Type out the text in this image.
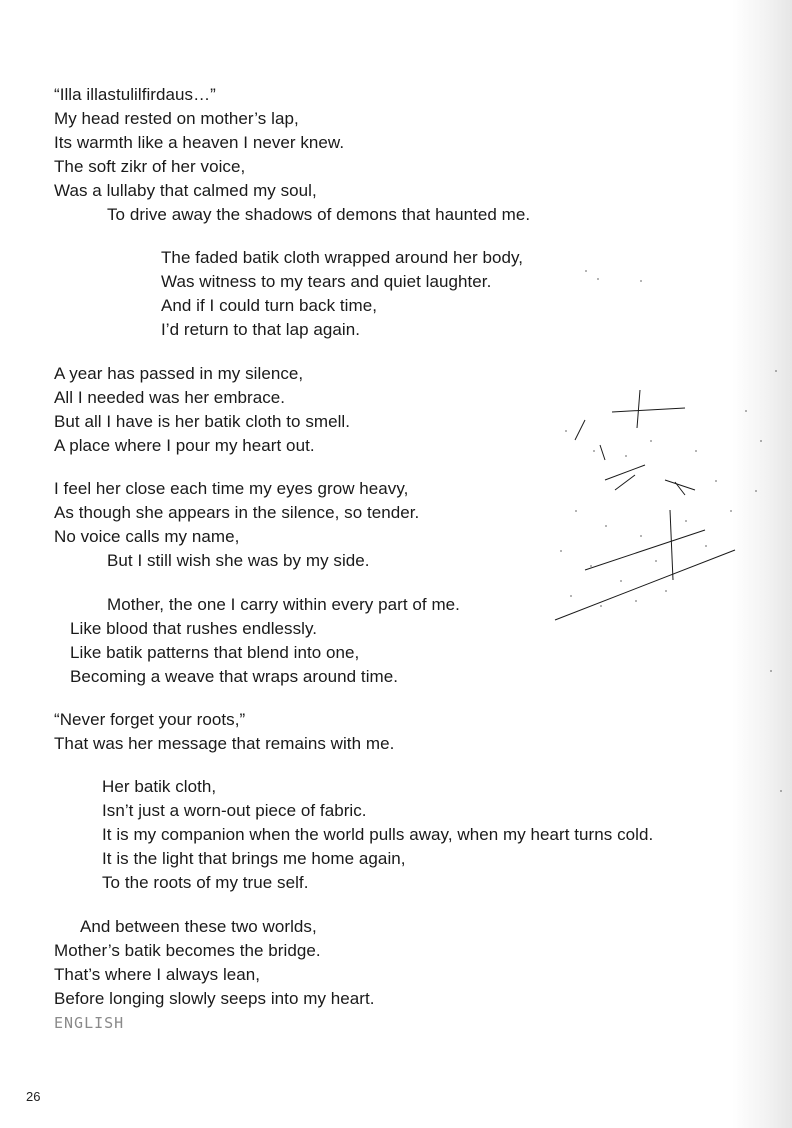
“Illa illastulilfirdaus…”
My head rested on mother’s lap,
Its warmth like a heaven I never knew.
The soft zikr of her voice,
Was a lullaby that calmed my soul,
To drive away the shadows of demons that haunted me.
The faded batik cloth wrapped around her body,
Was witness to my tears and quiet laughter.
And if I could turn back time,
I’d return to that lap again.
A year has passed in my silence,
All I needed was her embrace.
But all I have is her batik cloth to smell.
A place where I pour my heart out.
I feel her close each time my eyes grow heavy,
As though she appears in the silence, so tender.
No voice calls my name,
But I still wish she was by my side.
Mother, the one I carry within every part of me.
Like blood that rushes endlessly.
Like batik patterns that blend into one,
Becoming a weave that wraps around time.
“Never forget your roots,”
That was her message that remains with me.
Her batik cloth,
Isn’t just a worn-out piece of fabric.
It is my companion when the world pulls away, when my heart turns cold.
It is the light that brings me home again,
To the roots of my true self.
And between these two worlds,
Mother’s batik becomes the bridge.
That’s where I always lean,
Before longing slowly seeps into my heart.
ENGLISH
26
